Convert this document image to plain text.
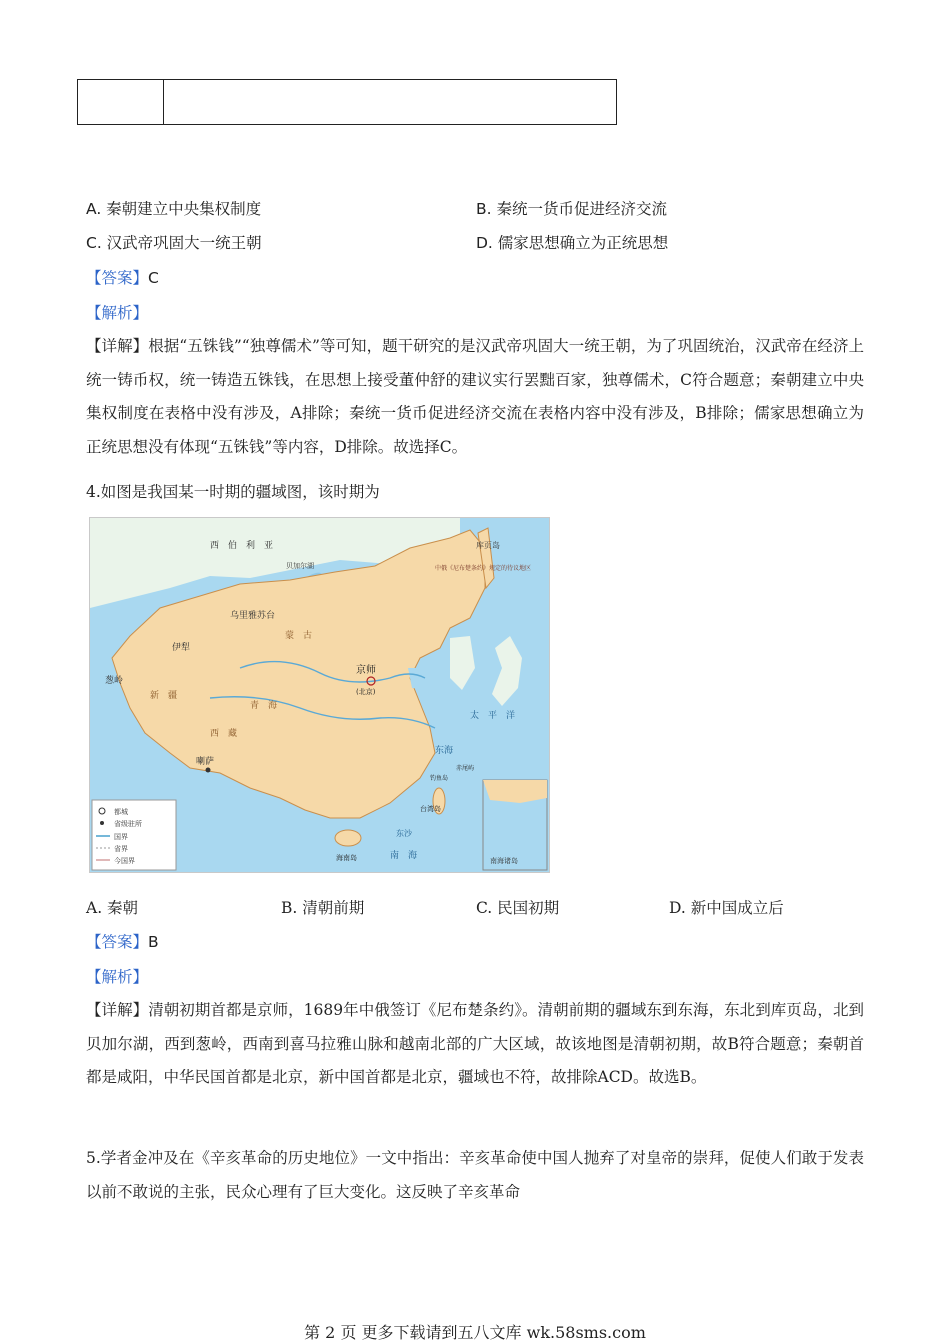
A. 秦朝建立中央集权制度	B. 秦统一货币促进经济交流
C. 汉武帝巩固大一统王朝	D. 儒家思想确立为正统思想
【答案】C
【解析】
【详解】根据“五铢钱”“独尊儒术”等可知，题干研究的是汉武帝巩固大一统王朝，为了巩固统治，汉武帝在经济上统一铸币权，统一铸造五铢钱，在思想上接受董仲舒的建议实行罢黜百家，独尊儒术，C符合题意；秦朝建立中央集权制度在表格中没有涉及，A排除；秦统一货币促进经济交流在表格内容中没有涉及，B排除；儒家思想确立为正统思想没有体现“五铢钱”等内容，D排除。故选择C。
4.如图是我国某一时期的疆域图，该时期为
南海诸岛
西　伯　利　亚
中俄《尼布楚条约》规定的待议地区
乌里雅苏台
伊犁
葱岭
京师
(北京)
喇萨
新　疆
蒙　古
西　藏
青　海
台湾岛
海南岛
东沙
钓鱼岛
赤尾屿
东海
太　平　洋
南　海
库页岛
贝加尔湖
都城
省级驻所
国界
省界
今国界
A. 秦朝	B. 清朝前期	C. 民国初期	D. 新中国成立后
【答案】B
【解析】
【详解】清朝初期首都是京师，1689年中俄签订《尼布楚条约》。清朝前期的疆域东到东海，东北到库页岛，北到贝加尔湖，西到葱岭，西南到喜马拉雅山脉和越南北部的广大区域，故该地图是清朝初期，故B符合题意；秦朝首都是咸阳，中华民国首都是北京，新中国首都是北京，疆域也不符，故排除ACD。故选B。
5.学者金冲及在《辛亥革命的历史地位》一文中指出：辛亥革命使中国人抛弃了对皇帝的崇拜，促使人们敢于发表以前不敢说的主张，民众心理有了巨大变化。这反映了辛亥革命
第 2 页 更多下载请到五八文库 wk.58sms.com
